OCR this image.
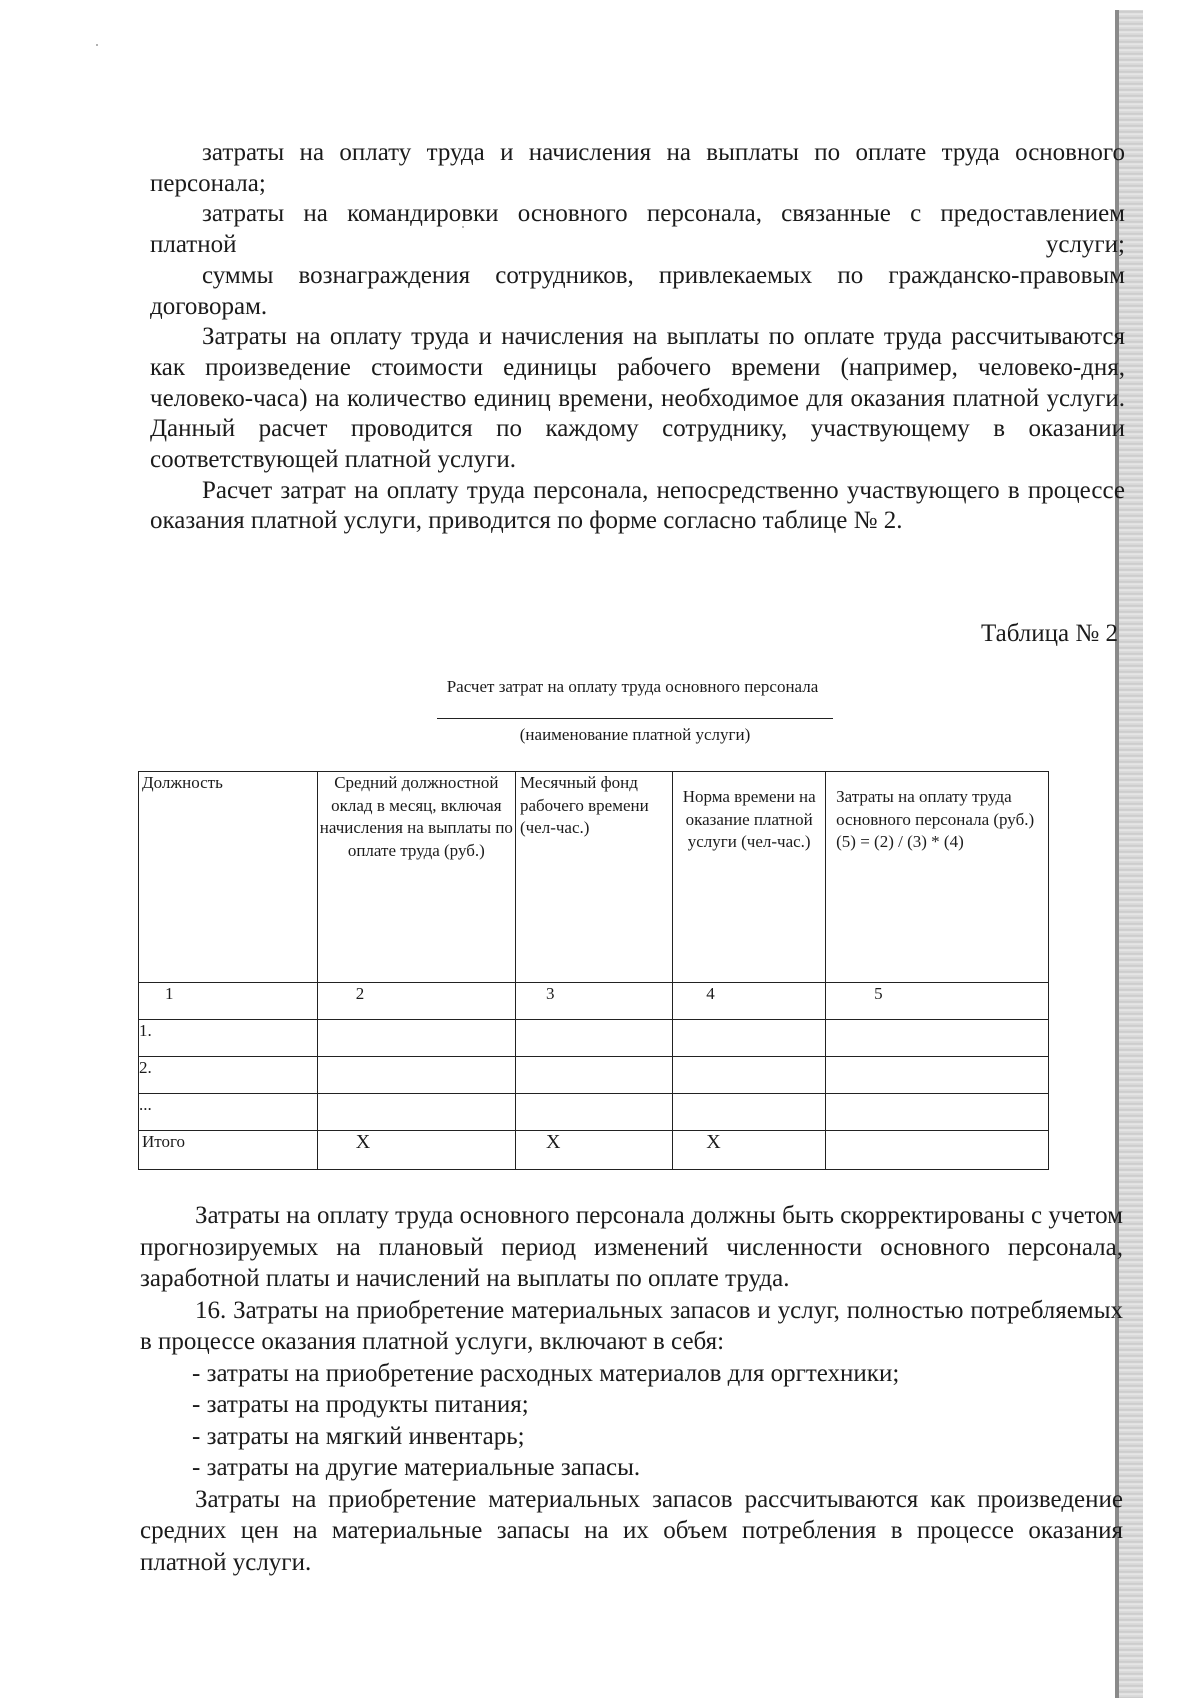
затраты на оплату труда и начисления на выплаты по оплате труда основного персонала;

затраты на командировки основного персонала, связанные с предоставлением платной услуги;

суммы вознаграждения сотрудников, привлекаемых по гражданско-правовым договорам.

Затраты на оплату труда и начисления на выплаты по оплате труда рассчитываются как произведение стоимости единицы рабочего времени (например, человеко-дня, человеко-часа) на количество единиц времени, необходимое для оказания платной услуги. Данный расчет проводится по каждому сотруднику, участвующему в оказании соответствующей платной услуги.

Расчет затрат на оплату труда персонала, непосредственно участвующего в процессе оказания платной услуги, приводится по форме согласно таблице № 2.

Таблица № 2
Расчет затрат на оплату труда основного персонала
(наименование платной услуги)
Должность	Средний должностной оклад в месяц, включая начисления на выплаты по оплате труда (руб.)	Месячный фонд рабочего времени (чел-час.)	Норма времени на оказание платной услуги (чел-час.)	Затраты на оплату труда основного персонала (руб.) (5) = (2) / (3) * (4)
1	2	3	4	5
1.				
2.				
...				
Итого	X	X	X	

Затраты на оплату труда основного персонала должны быть скорректированы с учетом прогнозируемых на плановый период изменений численности основного персонала, заработной платы и начислений на выплаты по оплате труда.

16. Затраты на приобретение материальных запасов и услуг, полностью потребляемых в процессе оказания платной услуги, включают в себя:

- затраты на приобретение расходных материалов для оргтехники;

- затраты на продукты питания;

- затраты на мягкий инвентарь;

- затраты на другие материальные запасы.

Затраты на приобретение материальных запасов рассчитываются как произведение средних цен на материальные запасы на их объем потребления в процессе оказания платной услуги.
